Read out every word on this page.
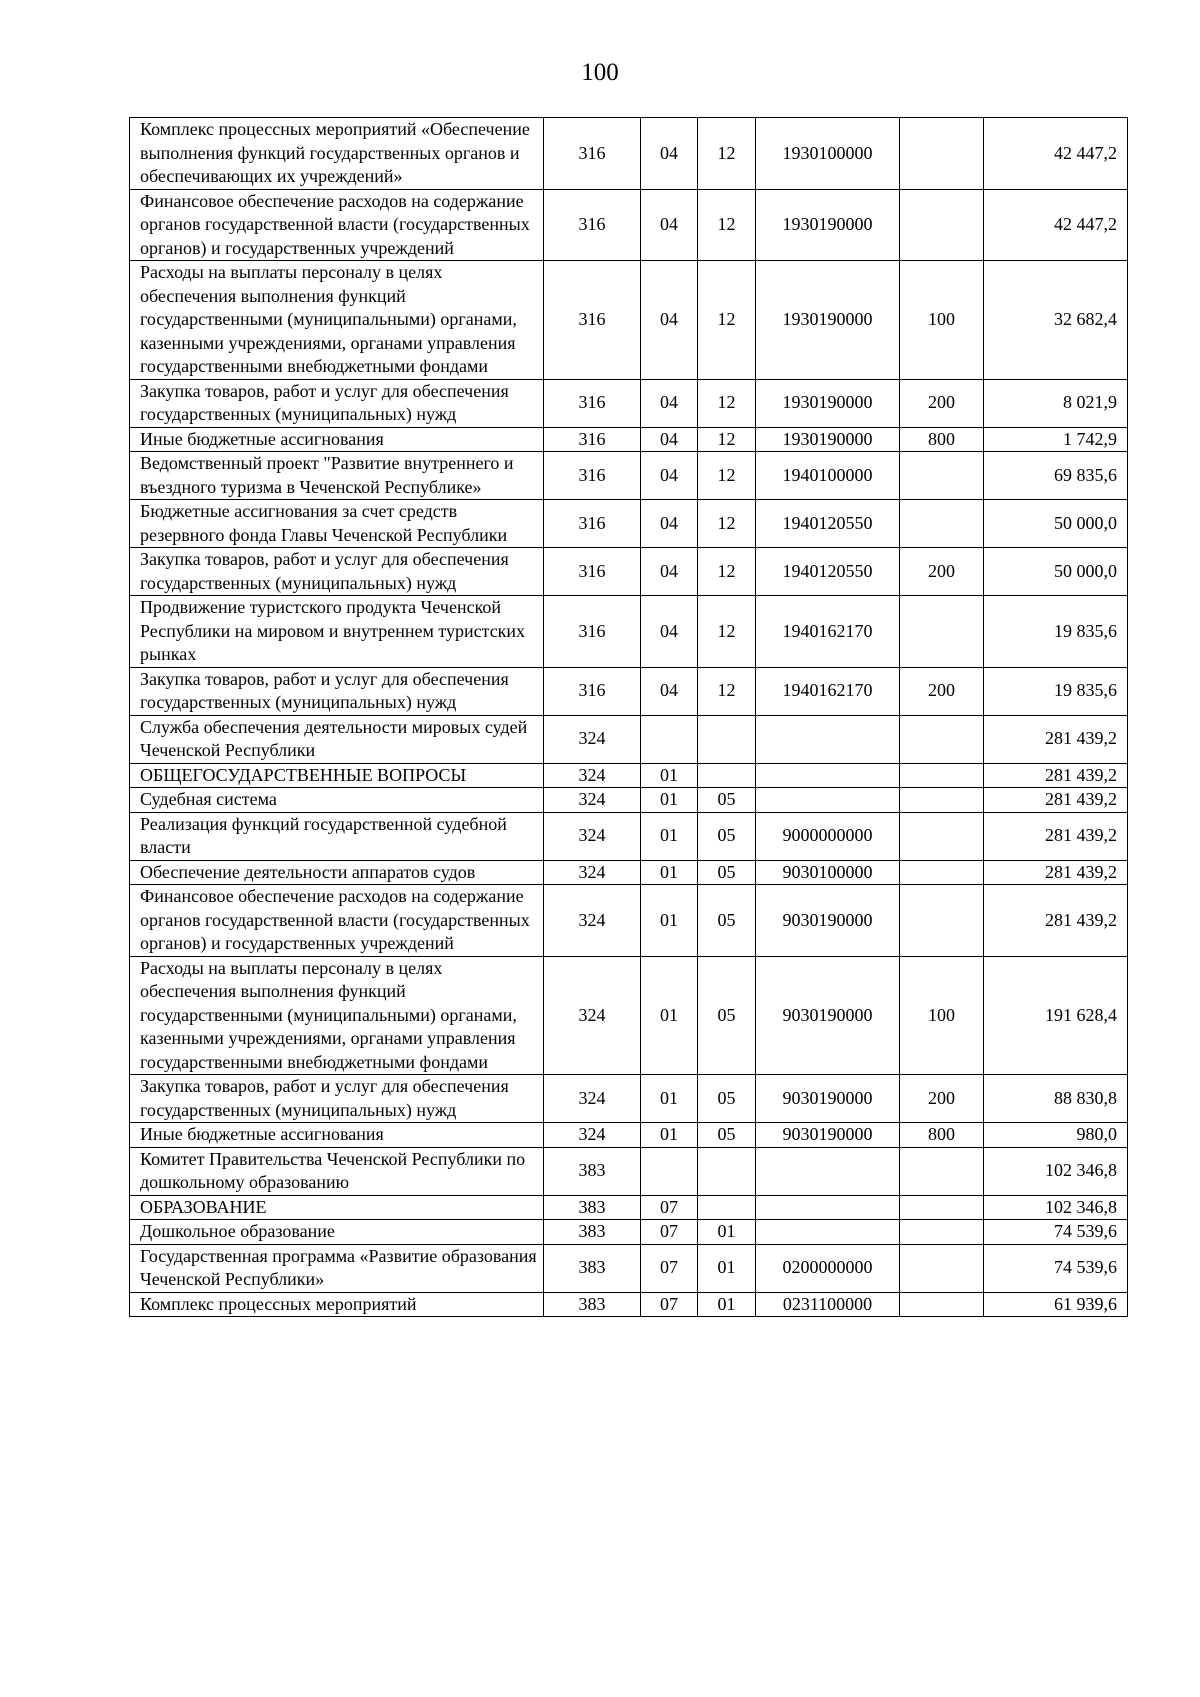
100
Комплекс процессных мероприятий «Обеспечение выполнения функций государственных органов и обеспечивающих их учреждений»	316	04	12	1930100000		42 447,2
Финансовое обеспечение расходов на содержание органов государственной власти (государственных органов) и государственных учреждений	316	04	12	1930190000		42 447,2
Расходы на выплаты персоналу в целях обеспечения выполнения функций государственными (муниципальными) органами, казенными учреждениями, органами управления государственными внебюджетными фондами	316	04	12	1930190000	100	32 682,4
Закупка товаров, работ и услуг для обеспечения государственных (муниципальных) нужд	316	04	12	1930190000	200	8 021,9
Иные бюджетные ассигнования	316	04	12	1930190000	800	1 742,9
Ведомственный проект "Развитие внутреннего и въездного туризма в Чеченской Республике»	316	04	12	1940100000		69 835,6
Бюджетные ассигнования за счет средств резервного фонда Главы Чеченской Республики	316	04	12	1940120550		50 000,0
Закупка товаров, работ и услуг для обеспечения государственных (муниципальных) нужд	316	04	12	1940120550	200	50 000,0
Продвижение туристского продукта Чеченской Республики на мировом и внутреннем туристских рынках	316	04	12	1940162170		19 835,6
Закупка товаров, работ и услуг для обеспечения государственных (муниципальных) нужд	316	04	12	1940162170	200	19 835,6
Служба обеспечения деятельности мировых судей Чеченской Республики	324					281 439,2
ОБЩЕГОСУДАРСТВЕННЫЕ ВОПРОСЫ	324	01				281 439,2
Судебная система	324	01	05			281 439,2
Реализация функций государственной судебной власти	324	01	05	9000000000		281 439,2
Обеспечение деятельности аппаратов судов	324	01	05	9030100000		281 439,2
Финансовое обеспечение расходов на содержание органов государственной власти (государственных органов) и государственных учреждений	324	01	05	9030190000		281 439,2
Расходы на выплаты персоналу в целях обеспечения выполнения функций государственными (муниципальными) органами, казенными учреждениями, органами управления государственными внебюджетными фондами	324	01	05	9030190000	100	191 628,4
Закупка товаров, работ и услуг для обеспечения государственных (муниципальных) нужд	324	01	05	9030190000	200	88 830,8
Иные бюджетные ассигнования	324	01	05	9030190000	800	980,0
Комитет Правительства Чеченской Республики по дошкольному образованию	383					102 346,8
ОБРАЗОВАНИЕ	383	07				102 346,8
Дошкольное образование	383	07	01			74 539,6
Государственная программа «Развитие образования Чеченской Республики»	383	07	01	0200000000		74 539,6
Комплекс процессных мероприятий	383	07	01	0231100000		61 939,6
